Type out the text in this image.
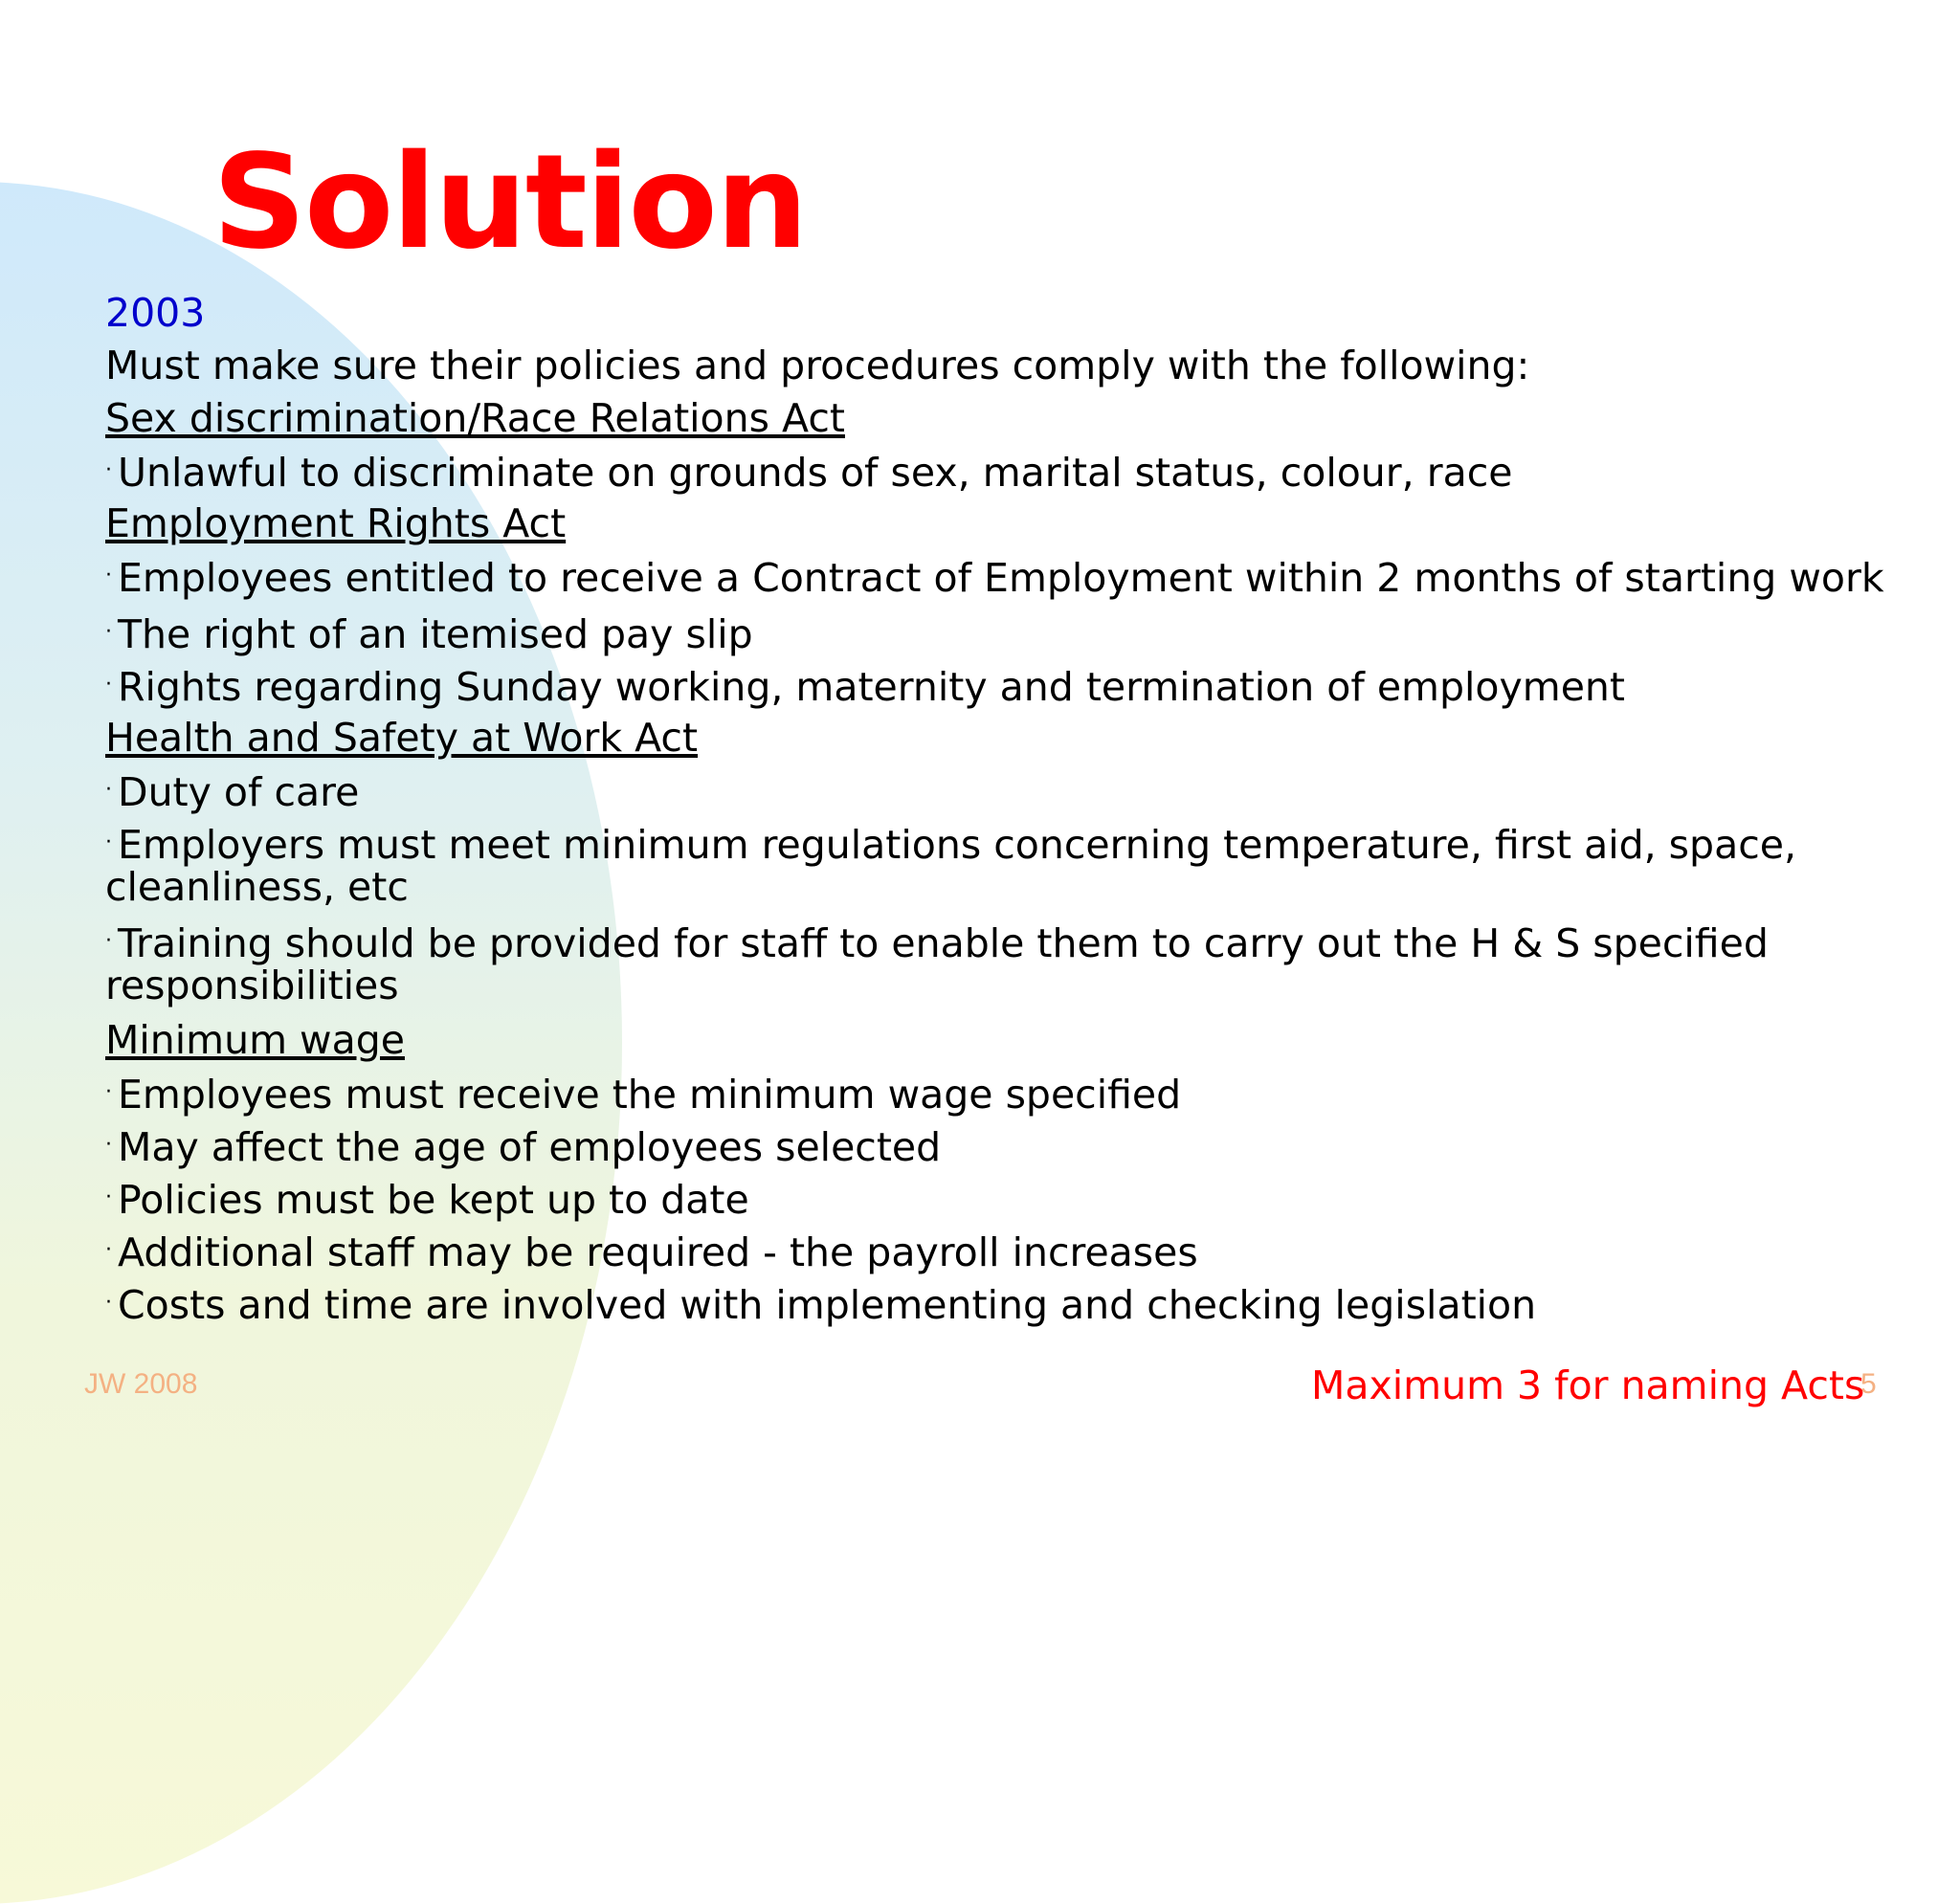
Solution
2003
Must make sure their policies and procedures comply with the following:
Sex discrimination/Race Relations Act
· Unlawful to discriminate on grounds of sex, marital status, colour, race
Employment Rights Act
· Employees entitled to receive a Contract of Employment within 2 months of starting work
· The right of an itemised pay slip
· Rights regarding Sunday working, maternity and termination of employment
Health and Safety at Work Act
· Duty of care
· Employers must meet minimum regulations concerning temperature, first aid, space, cleanliness, etc
· Training should be provided for staff to enable them to carry out the H & S specified responsibilities
Minimum wage
· Employees must receive the minimum wage specified
· May affect the age of employees selected
· Policies must be kept up to date
· Additional staff may be required - the payroll increases
· Costs and time are involved with implementing and checking legislation
JW 2008	5
Maximum 3 for naming Acts
